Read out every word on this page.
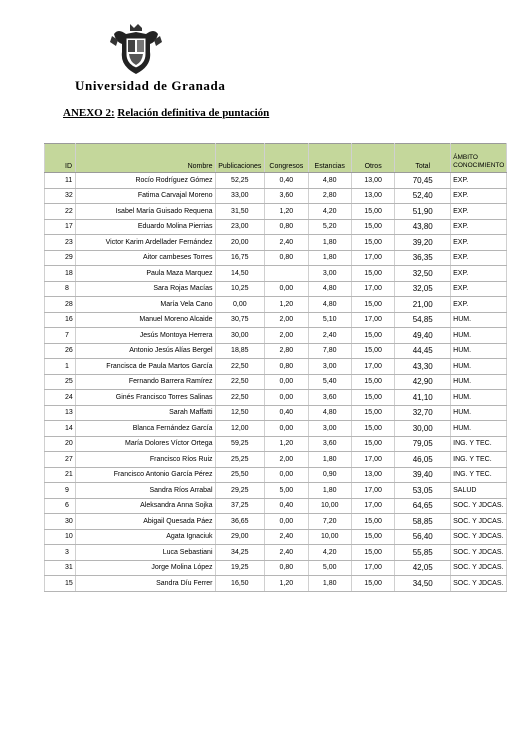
Universidad de Granada
ANEXO 2: Relación definitiva de puntación
ID	Nombre	Publicaciones	Congresos	Estancias	Otros	Total	ÁMBITO CONOCIMIENTO
11	Rocío Rodríguez Gómez	52,25	0,40	4,80	13,00	70,45	EXP.
32	Fatima Carvajal Moreno	33,00	3,60	2,80	13,00	52,40	EXP.
22	Isabel María Guisado Requena	31,50	1,20	4,20	15,00	51,90	EXP.
17	Eduardo Molina Pierrias	23,00	0,80	5,20	15,00	43,80	EXP.
23	Victor Karim Ardellader Fernández	20,00	2,40	1,80	15,00	39,20	EXP.
29	Aitor cambeses Torres	16,75	0,80	1,80	17,00	36,35	EXP.
18	Paula Maza Marquez	14,50		3,00	15,00	32,50	EXP.
8	Sara Rojas Macías	10,25	0,00	4,80	17,00	32,05	EXP.
28	María Vela Cano	0,00	1,20	4,80	15,00	21,00	EXP.
16	Manuel Moreno Alcaide	30,75	2,00	5,10	17,00	54,85	HUM.
7	Jesús Montoya Herrera	30,00	2,00	2,40	15,00	49,40	HUM.
26	Antonio Jesús Alías Bergel	18,85	2,80	7,80	15,00	44,45	HUM.
1	Francisca de Paula Martos García	22,50	0,80	3,00	17,00	43,30	HUM.
25	Fernando Barrera Ramírez	22,50	0,00	5,40	15,00	42,90	HUM.
24	Ginés Francisco Torres Salinas	22,50	0,00	3,60	15,00	41,10	HUM.
13	Sarah Maffatti	12,50	0,40	4,80	15,00	32,70	HUM.
14	Blanca Fernández García	12,00	0,00	3,00	15,00	30,00	HUM.
20	María Dolores Víctor Ortega	59,25	1,20	3,60	15,00	79,05	ING. Y TEC.
27	Francisco Ríos Ruiz	25,25	2,00	1,80	17,00	46,05	ING. Y TEC.
21	Francisco Antonio García Pérez	25,50	0,00	0,90	13,00	39,40	ING. Y TEC.
9	Sandra Ríos Arrabal	29,25	5,00	1,80	17,00	53,05	SALUD
6	Aleksandra Anna Sojka	37,25	0,40	10,00	17,00	64,65	SOC. Y JDCAS.
30	Abigail Quesada Páez	36,65	0,00	7,20	15,00	58,85	SOC. Y JDCAS.
10	Agata Ignaciuk	29,00	2,40	10,00	15,00	56,40	SOC. Y JDCAS.
3	Luca Sebastiani	34,25	2,40	4,20	15,00	55,85	SOC. Y JDCAS.
31	Jorge Molina López	19,25	0,80	5,00	17,00	42,05	SOC. Y JDCAS.
15	Sandra Díu Ferrer	16,50	1,20	1,80	15,00	34,50	SOC. Y JDCAS.
